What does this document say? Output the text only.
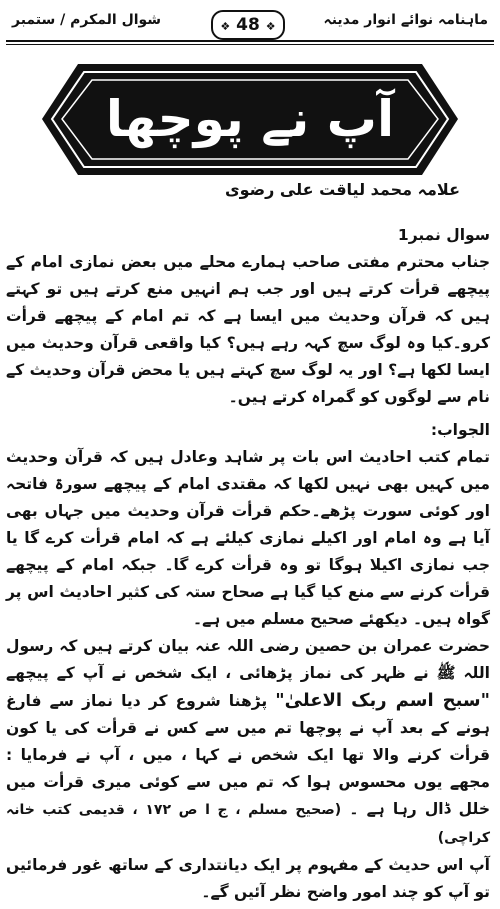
شوال المکرم / ستمبر	❖ 48 ❖	ماہنامہ نوائے انوار مدینہ
آپ نے پوچھا
علامہ محمد لیاقت علی رضوی

سوال نمبر1

جناب محترم مفتی صاحب ہمارے محلے میں بعض نمازی امام کے پیچھے قرأت کرتے ہیں اور جب ہم انہیں منع کرتے ہیں تو کہتے ہیں کہ قرآن وحدیث میں ایسا ہے کہ تم امام کے پیچھے قرأت کرو۔کیا وہ لوگ سچ کہہ رہے ہیں؟ کیا واقعی قرآن وحدیث میں ایسا لکھا ہے؟ اور یہ لوگ سچ کہتے ہیں یا محض قرآن وحدیث کے نام سے لوگوں کو گمراہ کرتے ہیں۔

الجواب:

تمام کتب احادیث اس بات پر شاہد وعادل ہیں کہ قرآن وحدیث میں کہیں بھی نہیں لکھا کہ مقتدی امام کے پیچھے سورۃ فاتحہ اور کوئی سورت پڑھے۔حکم قرأت قرآن وحدیث میں جہاں بھی آیا ہے وہ امام اور اکیلے نمازی کیلئے ہے کہ امام قرأت کرے گا یا جب نمازی اکیلا ہوگا تو وہ قرأت کرے گا۔ جبکہ امام کے پیچھے قرأت کرنے سے منع کیا گیا ہے صحاح ستہ کی کثیر احادیث اس پر گواہ ہیں۔ دیکھئے صحیح مسلم میں ہے۔

حضرت عمران بن حصین رضی اللہ عنہ بیان کرتے ہیں کہ رسول اللہ ﷺ نے ظہر کی نماز پڑھائی ، ایک شخص نے آپ کے پیچھے "سبح اسم ربک الاعلیٰ" پڑھنا شروع کر دیا نماز سے فارغ ہونے کے بعد آپ نے پوچھا تم میں سے کس نے قرأت کی یا کون قرأت کرنے والا تھا ایک شخص نے کہا ، میں ، آپ نے فرمایا : مجھے یوں محسوس ہوا کہ تم میں سے کوئی میری قرأت میں خلل ڈال رہا ہے ۔ (صحیح مسلم ، ج ا ص ۱۷۲ ، قدیمی کتب خانہ کراچی)

آپ اس حدیث کے مفہوم پر ایک دیانتداری کے ساتھ غور فرمائیں تو آپ کو چند امور واضح نظر آئیں گے۔
